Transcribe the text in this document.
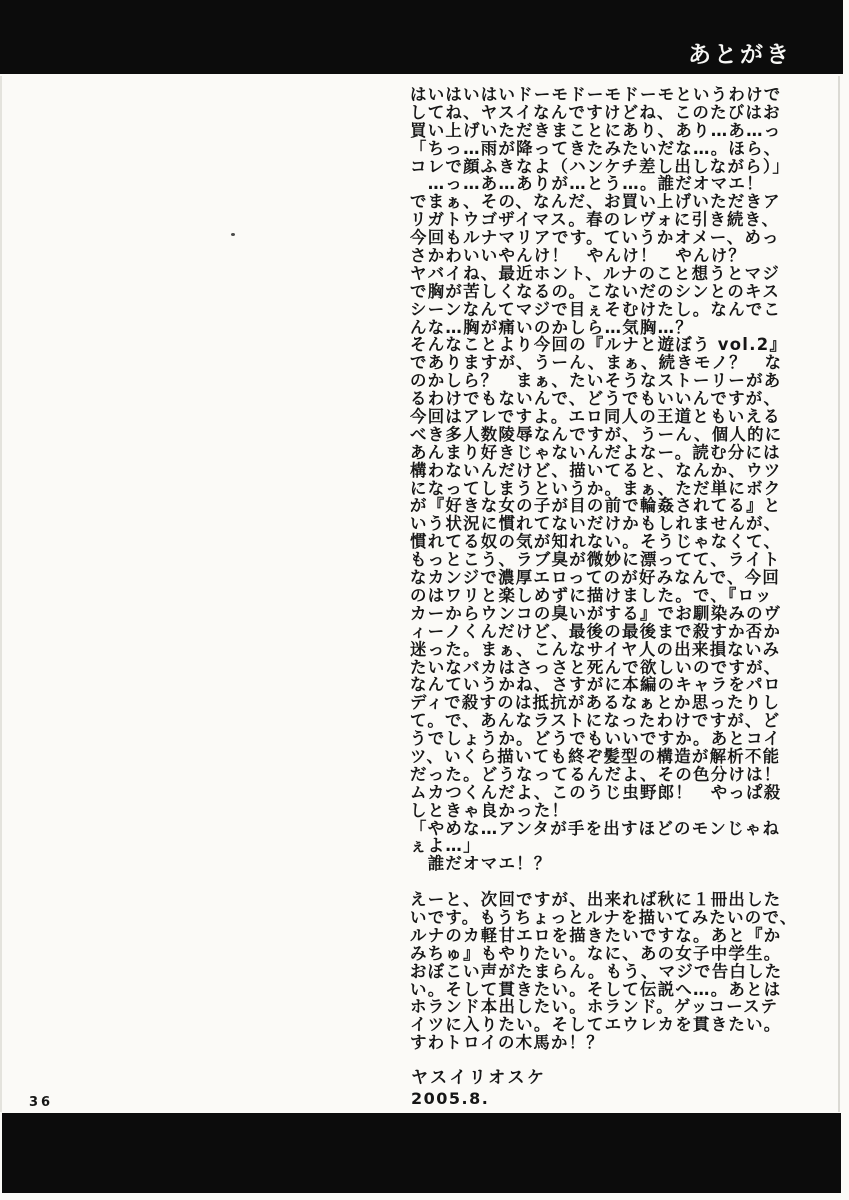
あとがき
はいはいはいドーモドーモドーモというわけで
してね、ヤスイなんですけどね、このたびはお
買い上げいただきまことにあり、あり…あ…っ
「ちっ…雨が降ってきたみたいだな…。ほら、
コレで顔ふきなよ（ハンケチ差し出しながら）」
　…っ…あ…ありが…とう…。誰だオマエ！
でまぁ、その、なんだ、お買い上げいただきア
リガトウゴザイマス。春のレヴォに引き続き、
今回もルナマリアです。ていうかオメー、めっ
さかわいいやんけ！　やんけ！　やんけ？
ヤバイね、最近ホント、ルナのこと想うとマジ
で胸が苦しくなるの。こないだのシンとのキス
シーンなんてマジで目ぇそむけたし。なんでこ
んな…胸が痛いのかしら…気胸…？
そんなことより今回の『ルナと遊ぼう vol.2』
でありますが、うーん、まぁ、続きモノ？　な
のかしら？　まぁ、たいそうなストーリーがあ
るわけでもないんで、どうでもいいんですが、
今回はアレですよ。エロ同人の王道ともいえる
べき多人数陵辱なんですが、うーん、個人的に
あんまり好きじゃないんだよなー。読む分には
構わないんだけど、描いてると、なんか、ウツ
になってしまうというか。まぁ、ただ単にボク
が『好きな女の子が目の前で輪姦されてる』と
いう状況に慣れてないだけかもしれませんが、
慣れてる奴の気が知れない。そうじゃなくて、
もっとこう、ラブ臭が微妙に漂ってて、ライト
なカンジで濃厚エロってのが好みなんで、今回
のはワリと楽しめずに描けました。で、『ロッ
カーからウンコの臭いがする』でお馴染みのヴ
ィーノくんだけど、最後の最後まで殺すか否か
迷った。まぁ、こんなサイヤ人の出来損ないみ
たいなバカはさっさと死んで欲しいのですが、
なんていうかね、さすがに本編のキャラをパロ
ディで殺すのは抵抗があるなぁとか思ったりし
て。で、あんなラストになったわけですが、ど
うでしょうか。どうでもいいですか。あとコイ
ツ、いくら描いても終ぞ髪型の構造が解析不能
だった。どうなってるんだよ、その色分けは！
ムカつくんだよ、このうじ虫野郎！　やっぱ殺
しときゃ良かった！
「やめな…アンタが手を出すほどのモンじゃね
ぇよ…」
　誰だオマエ！？
えーと、次回ですが、出来れば秋に１冊出した
いです。もうちょっとルナを描いてみたいので、
ルナのカ軽甘エロを描きたいですな。あと『か
みちゅ』もやりたい。なに、あの女子中学生。
おぼこい声がたまらん。もう、マジで告白した
い。そして貫きたい。そして伝説へ…。あとは
ホランド本出したい。ホランド。ゲッコーステ
イツに入りたい。そしてエウレカを貫きたい。
すわトロイの木馬か！？
ヤスイリオスケ
2005.8.
36
